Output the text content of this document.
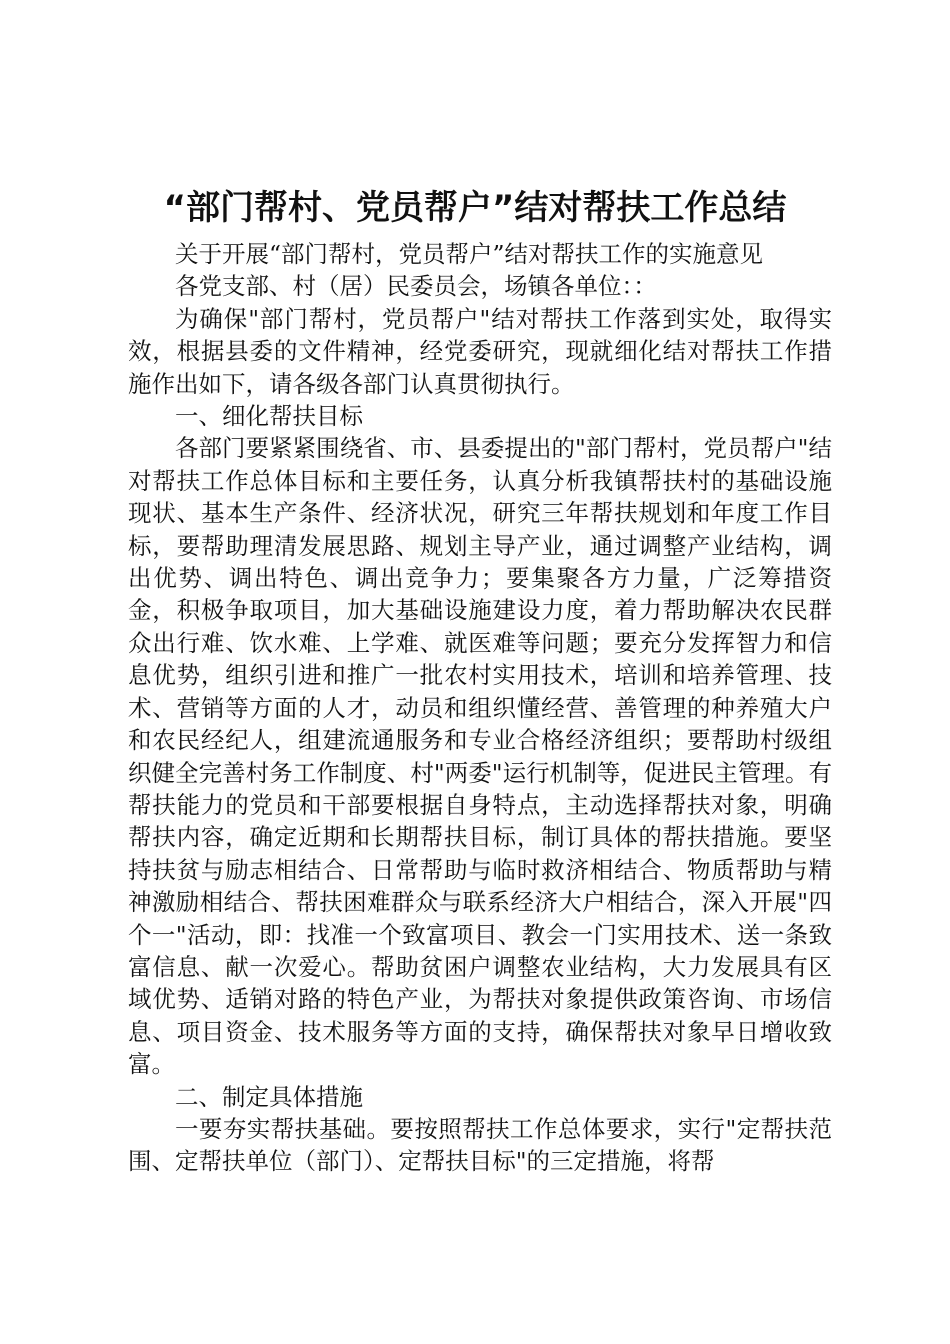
“部门帮村、党员帮户”结对帮扶工作总结

关于开展“部门帮村，党员帮户”结对帮扶工作的实施意见

各党支部、村（居）民委员会，场镇各单位：：

为确保"部门帮村，党员帮户"结对帮扶工作落到实处，取得实效，根据县委的文件精神，经党委研究，现就细化结对帮扶工作措施作出如下，请各级各部门认真贯彻执行。

一、细化帮扶目标

各部门要紧紧围绕省、市、县委提出的"部门帮村，党员帮户"结对帮扶工作总体目标和主要任务，认真分析我镇帮扶村的基础设施现状、基本生产条件、经济状况，研究三年帮扶规划和年度工作目标，要帮助理清发展思路、规划主导产业，通过调整产业结构，调出优势、调出特色、调出竞争力；要集聚各方力量，广泛筹措资金，积极争取项目，加大基础设施建设力度，着力帮助解决农民群众出行难、饮水难、上学难、就医难等问题；要充分发挥智力和信息优势，组织引进和推广一批农村实用技术，培训和培养管理、技术、营销等方面的人才，动员和组织懂经营、善管理的种养殖大户和农民经纪人，组建流通服务和专业合格经济组织；要帮助村级组织健全完善村务工作制度、村"两委"运行机制等，促进民主管理。有帮扶能力的党员和干部要根据自身特点，主动选择帮扶对象，明确帮扶内容，确定近期和长期帮扶目标，制订具体的帮扶措施。要坚持扶贫与励志相结合、日常帮助与临时救济相结合、物质帮助与精神激励相结合、帮扶困难群众与联系经济大户相结合，深入开展"四个一"活动，即：找准一个致富项目、教会一门实用技术、送一条致富信息、献一次爱心。帮助贫困户调整农业结构，大力发展具有区域优势、适销对路的特色产业，为帮扶对象提供政策咨询、市场信息、项目资金、技术服务等方面的支持，确保帮扶对象早日增收致富。

二、制定具体措施

一要夯实帮扶基础。要按照帮扶工作总体要求，实行"定帮扶范围、定帮扶单位（部门）、定帮扶目标"的三定措施，将帮
